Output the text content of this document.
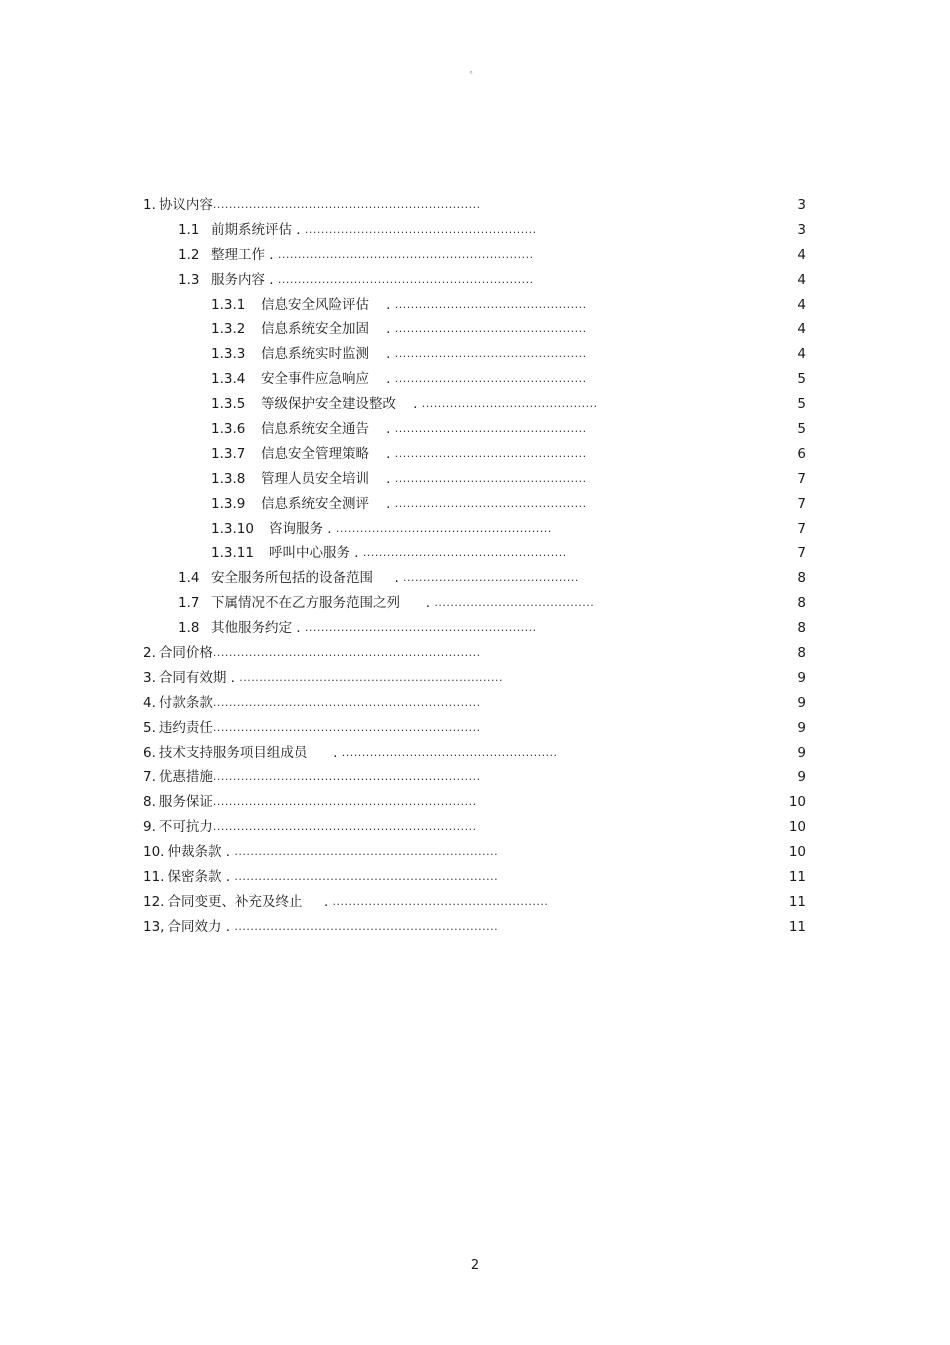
°
1. 协议内容...................................................................	3
1.1 前期系统评估 . ..........................................................	3
1.2 整理工作 . ................................................................	4
1.3 服务内容 . ................................................................	4
1.3.1 信息安全风险评估    . ................................................	4
1.3.2 信息系统安全加固    . ................................................	4
1.3.3 信息系统实时监测    . ................................................	4
1.3.4 安全事件应急响应    . ................................................	5
1.3.5 等级保护安全建设整改    . ............................................	5
1.3.6 信息系统安全通告    . ................................................	5
1.3.7 信息安全管理策略    . ................................................	6
1.3.8 管理人员安全培训    . ................................................	7
1.3.9 信息系统安全测评    . ................................................	7
1.3.10 咨询服务 . ......................................................	7
1.3.11 呼叫中心服务 . ...................................................	7
1.4 安全服务所包括的设备范围     . ............................................	8
1.7 下属情况不在乙方服务范围之列      . ........................................	8
1.8 其他服务约定 . ..........................................................	8
2. 合同价格...................................................................	8
3. 合同有效期 . ..................................................................	9
4. 付款条款...................................................................	9
5. 违约责任...................................................................	9
6. 技术支持服务项目组成员      . ......................................................	9
7. 优惠措施...................................................................	9
8. 服务保证..................................................................	10
9. 不可抗力..................................................................	10
10. 仲裁条款 . ..................................................................	10
11. 保密条款 . ..................................................................	11
12. 合同变更、补充及终止     . ......................................................	11
13, 合同效力 . ..................................................................	11
2
